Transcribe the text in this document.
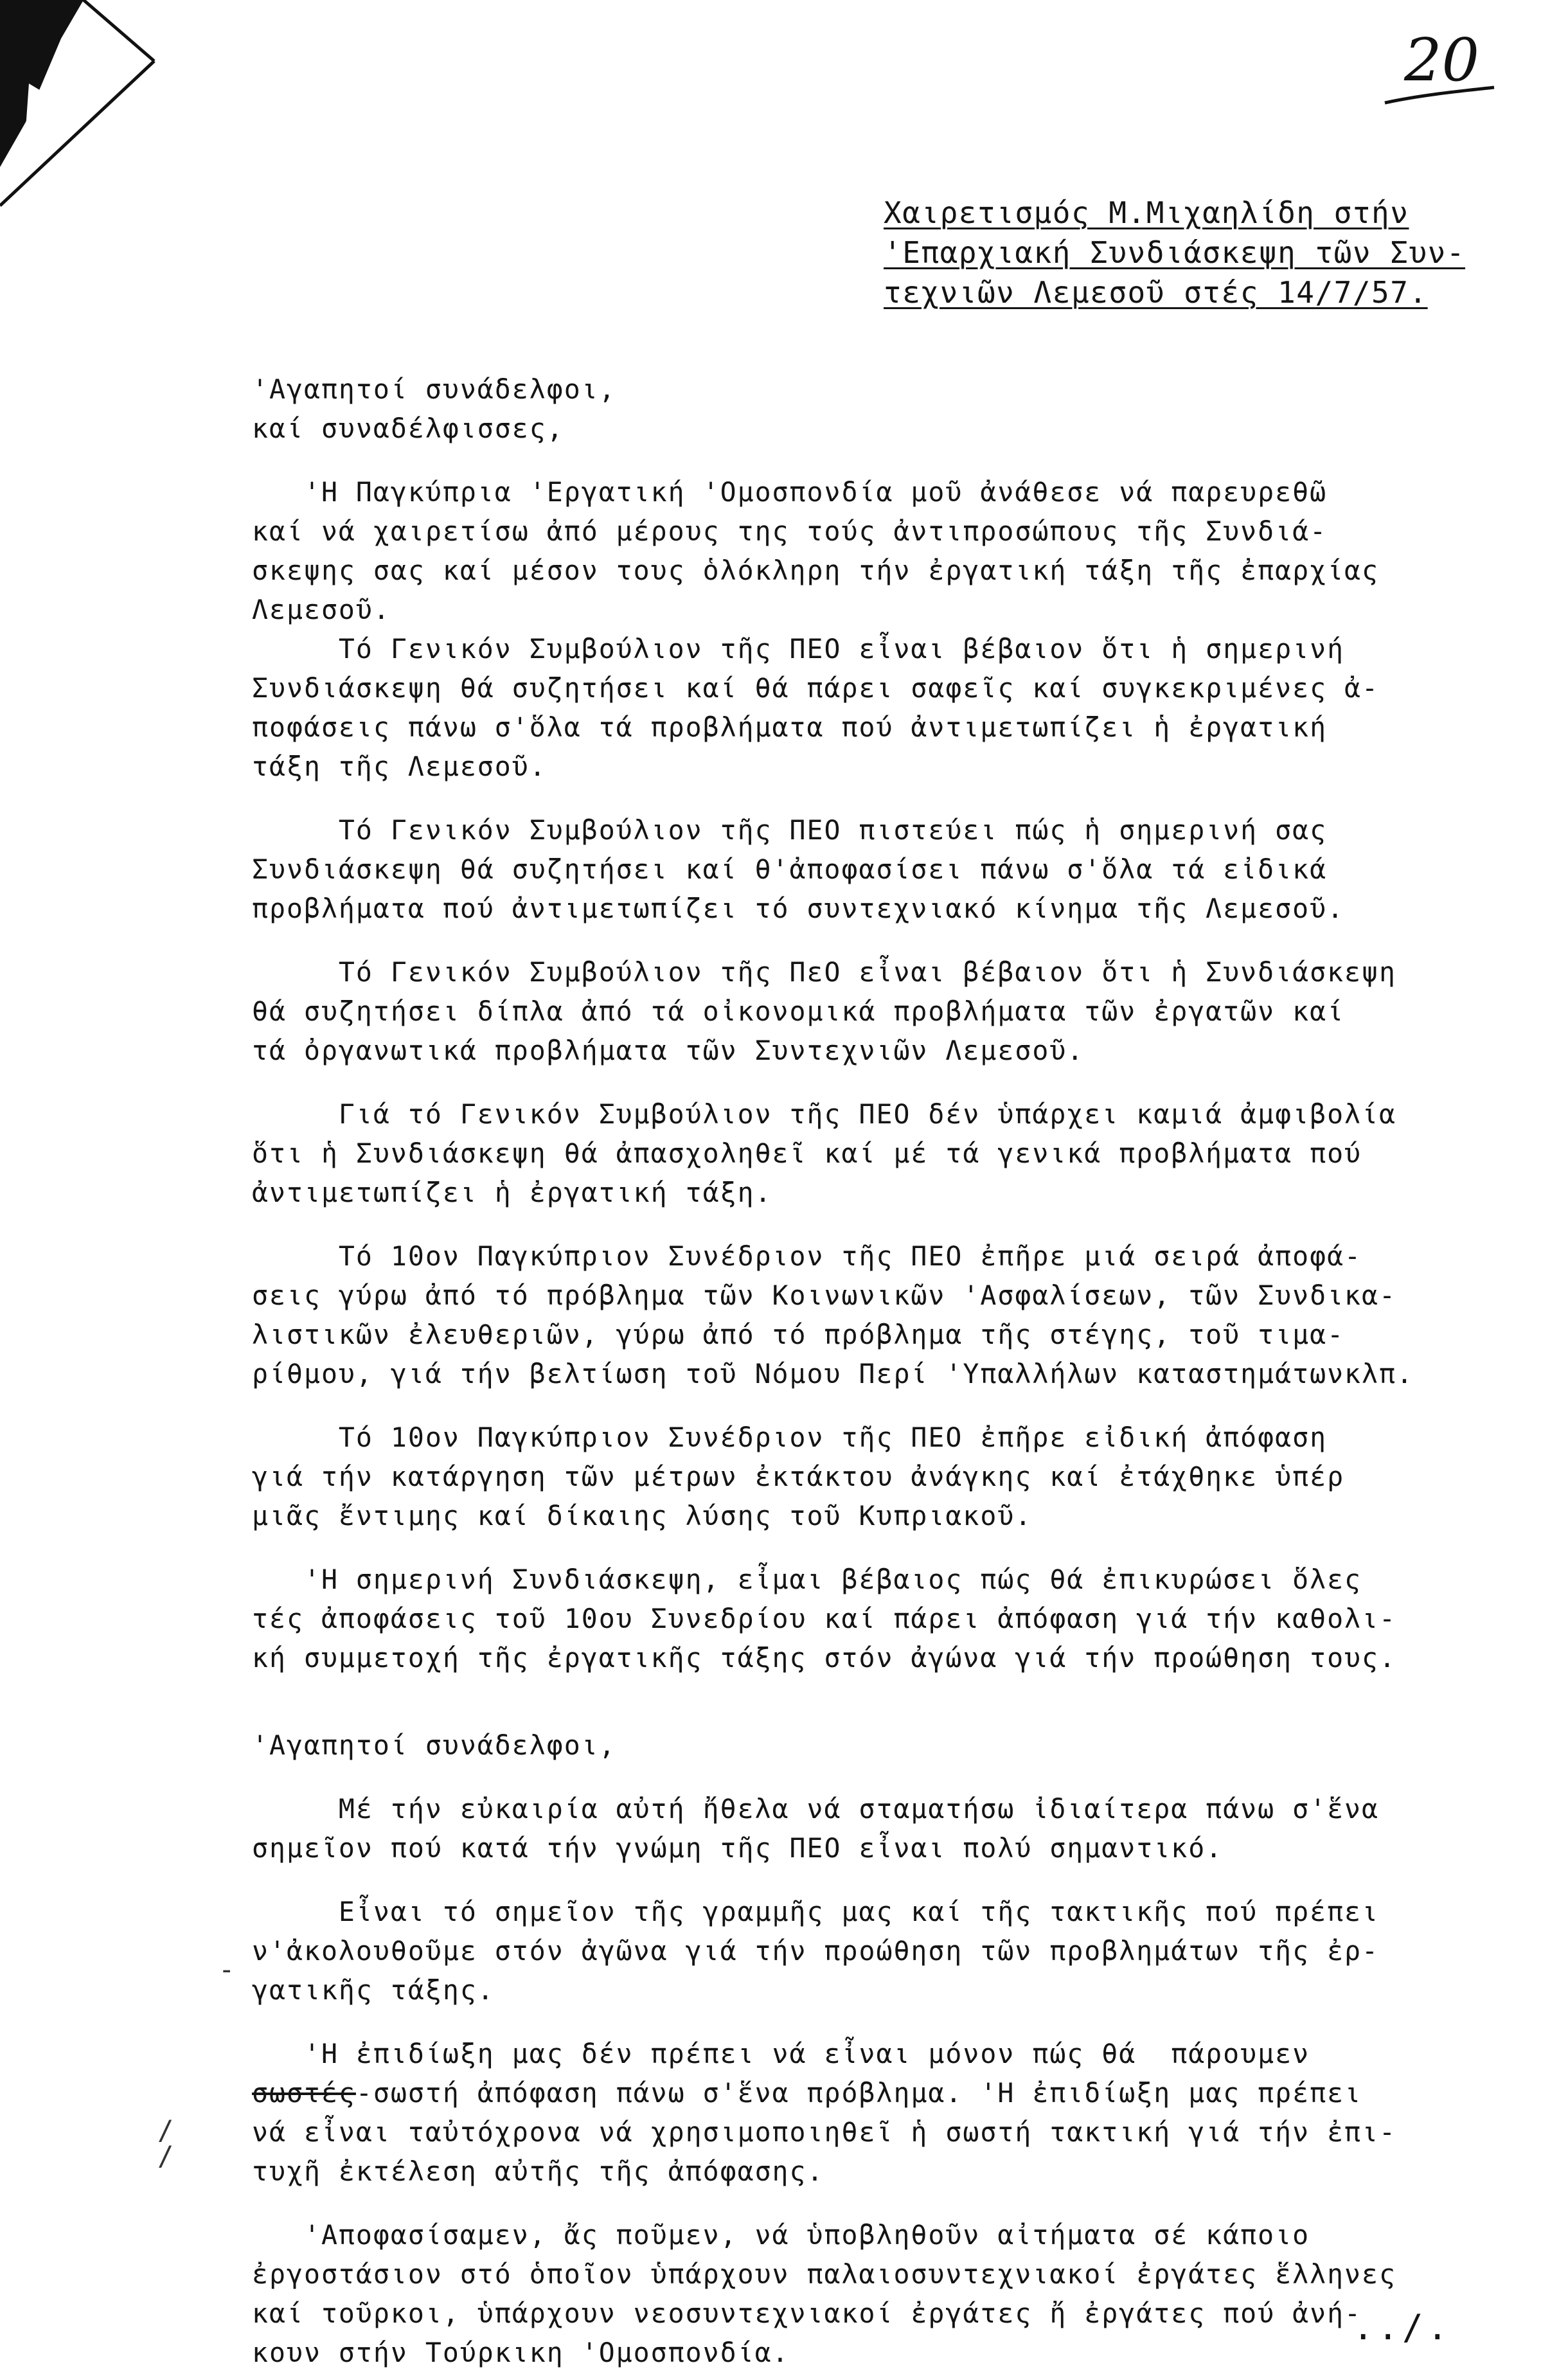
20
Χαιρετισμός Μ.Μιχαηλίδη στήν
'Επαρχιακή Συνδιάσκεψη τῶν Συν-
τεχνιῶν Λεμεσοῦ στές 14/7/57.
'Αγαπητοί συνάδελφοι,
καί συναδέλφισσες,

'Η Παγκύπρια 'Εργατική 'Ομοσπονδία μοῦ ἀνάθεσε νά παρευρεθῶ
καί νά χαιρετίσω ἀπό μέρους της τούς ἀντιπροσώπους τῆς Συνδιά-
σκεψης σας καί μέσον τους ὁλόκληρη τήν ἐργατική τάξη τῆς ἐπαρχίας
Λεμεσοῦ.

Τό Γενικόν Συμβούλιον τῆς ΠΕΟ εἶναι βέβαιον ὅτι ἡ σημερινή
Συνδιάσκεψη θά συζητήσει καί θά πάρει σαφεῖς καί συγκεκριμένες ἀ-
ποφάσεις πάνω σ'ὅλα τά προβλήματα πού ἀντιμετωπίζει ἡ ἐργατική
τάξη τῆς Λεμεσοῦ.

Τό Γενικόν Συμβούλιον τῆς ΠΕΟ πιστεύει πώς ἡ σημερινή σας
Συνδιάσκεψη θά συζητήσει καί θ'ἀποφασίσει πάνω σ'ὅλα τά εἰδικά
προβλήματα πού ἀντιμετωπίζει τό συντεχνιακό κίνημα τῆς Λεμεσοῦ.

Τό Γενικόν Συμβούλιον τῆς ΠεΟ εἶναι βέβαιον ὅτι ἡ Συνδιάσκεψη
θά συζητήσει δίπλα ἀπό τά οἰκονομικά προβλήματα τῶν ἐργατῶν καί
τά ὀργανωτικά προβλήματα τῶν Συντεχνιῶν Λεμεσοῦ.

Γιά τό Γενικόν Συμβούλιον τῆς ΠΕΟ δέν ὑπάρχει καμιά ἀμφιβολία
ὅτι ἡ Συνδιάσκεψη θά ἀπασχοληθεῖ καί μέ τά γενικά προβλήματα πού
ἀντιμετωπίζει ἡ ἐργατική τάξη.

Τό 10ον Παγκύπριον Συνέδριον τῆς ΠΕΟ ἐπῆρε μιά σειρά ἀποφά-
σεις γύρω ἀπό τό πρόβλημα τῶν Κοινωνικῶν 'Ασφαλίσεων, τῶν Συνδικα-
λιστικῶν ἐλευθεριῶν, γύρω ἀπό τό πρόβλημα τῆς στέγης, τοῦ τιμα-
ρίθμου, γιά τήν βελτίωση τοῦ Νόμου Περί 'Υπαλλήλων καταστημάτωνκλπ.

Τό 10ον Παγκύπριον Συνέδριον τῆς ΠΕΟ ἐπῆρε εἰδική ἀπόφαση
γιά τήν κατάργηση τῶν μέτρων ἐκτάκτου ἀνάγκης καί ἐτάχθηκε ὑπέρ
μιᾶς ἔντιμης καί δίκαιης λύσης τοῦ Κυπριακοῦ.

'Η σημερινή Συνδιάσκεψη, εἶμαι βέβαιος πώς θά ἐπικυρώσει ὅλες
τές ἀποφάσεις τοῦ 10ου Συνεδρίου καί πάρει ἀπόφαση γιά τήν καθολι-
κή συμμετοχή τῆς ἐργατικῆς τάξης στόν ἀγώνα γιά τήν προώθηση τους.

'Αγαπητοί συνάδελφοι,

Μέ τήν εὐκαιρία αὐτή ἤθελα νά σταματήσω ἰδιαίτερα πάνω σ'ἕνα
σημεῖον πού κατά τήν γνώμη τῆς ΠΕΟ εἶναι πολύ σημαντικό.

Εἶναι τό σημεῖον τῆς γραμμῆς μας καί τῆς τακτικῆς πού πρέπει
ν'ἀκολουθοῦμε στόν ἀγῶνα γιά τήν προώθηση τῶν προβλημάτων τῆς ἐρ-
γατικῆς τάξης.

'Η ἐπιδίωξη μας δέν πρέπει νά εἶναι μόνον πώς θά  πάρουμεν
σωστές-σωστή ἀπόφαση πάνω σ'ἕνα πρόβλημα. 'Η ἐπιδίωξη μας πρέπει
νά εἶναι ταὐτόχρονα νά χρησιμοποιηθεῖ ἡ σωστή τακτική γιά τήν ἐπι-
τυχῆ ἐκτέλεση αὐτῆς τῆς ἀπόφασης.

'Αποφασίσαμεν, ἄς ποῦμεν, νά ὑποβληθοῦν αἰτήματα σέ κάποιο
ἐργοστάσιον στό ὁποῖον ὑπάρχουν παλαιοσυντεχνιακοί ἐργάτες ἕλληνες
καί τοῦρκοι, ὑπάρχουν νεοσυντεχνιακοί ἐργάτες ἤ ἐργάτες πού ἀνή-
κουν στήν Τούρκικη 'Ομοσπονδία.

-
/
/
../.
